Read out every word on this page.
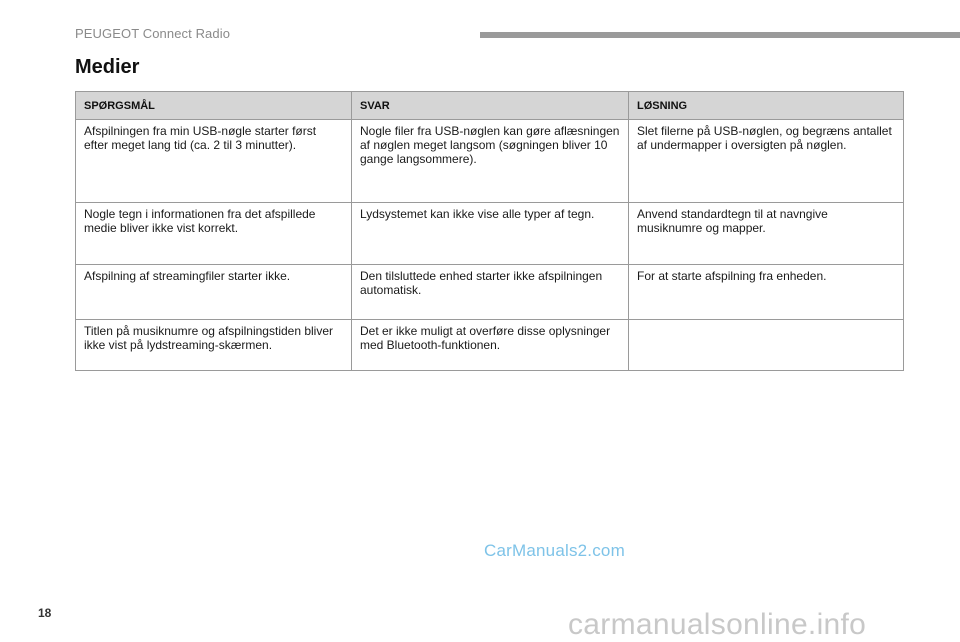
PEUGEOT Connect Radio
Medier
SPØRGSMÅL	SVAR	LØSNING
Afspilningen fra min USB-nøgle starter først efter meget lang tid (ca. 2 til 3 minutter).	Nogle filer fra USB-nøglen kan gøre aflæsningen af nøglen meget langsom (søgningen bliver 10 gange langsommere).	Slet filerne på USB-nøglen, og begræns antallet af undermapper i oversigten på nøglen.
Nogle tegn i informationen fra det afspillede medie bliver ikke vist korrekt.	Lydsystemet kan ikke vise alle typer af tegn.	Anvend standardtegn til at navngive musiknumre og mapper.
Afspilning af streamingfiler starter ikke.	Den tilsluttede enhed starter ikke afspilningen automatisk.	For at starte afspilning fra enheden.
Titlen på musiknumre og afspilningstiden bliver ikke vist på lydstreaming-skærmen.	Det er ikke muligt at overføre disse oplysninger med Bluetooth-funktionen.	
18
CarManuals2.com
carmanualsonline.info
